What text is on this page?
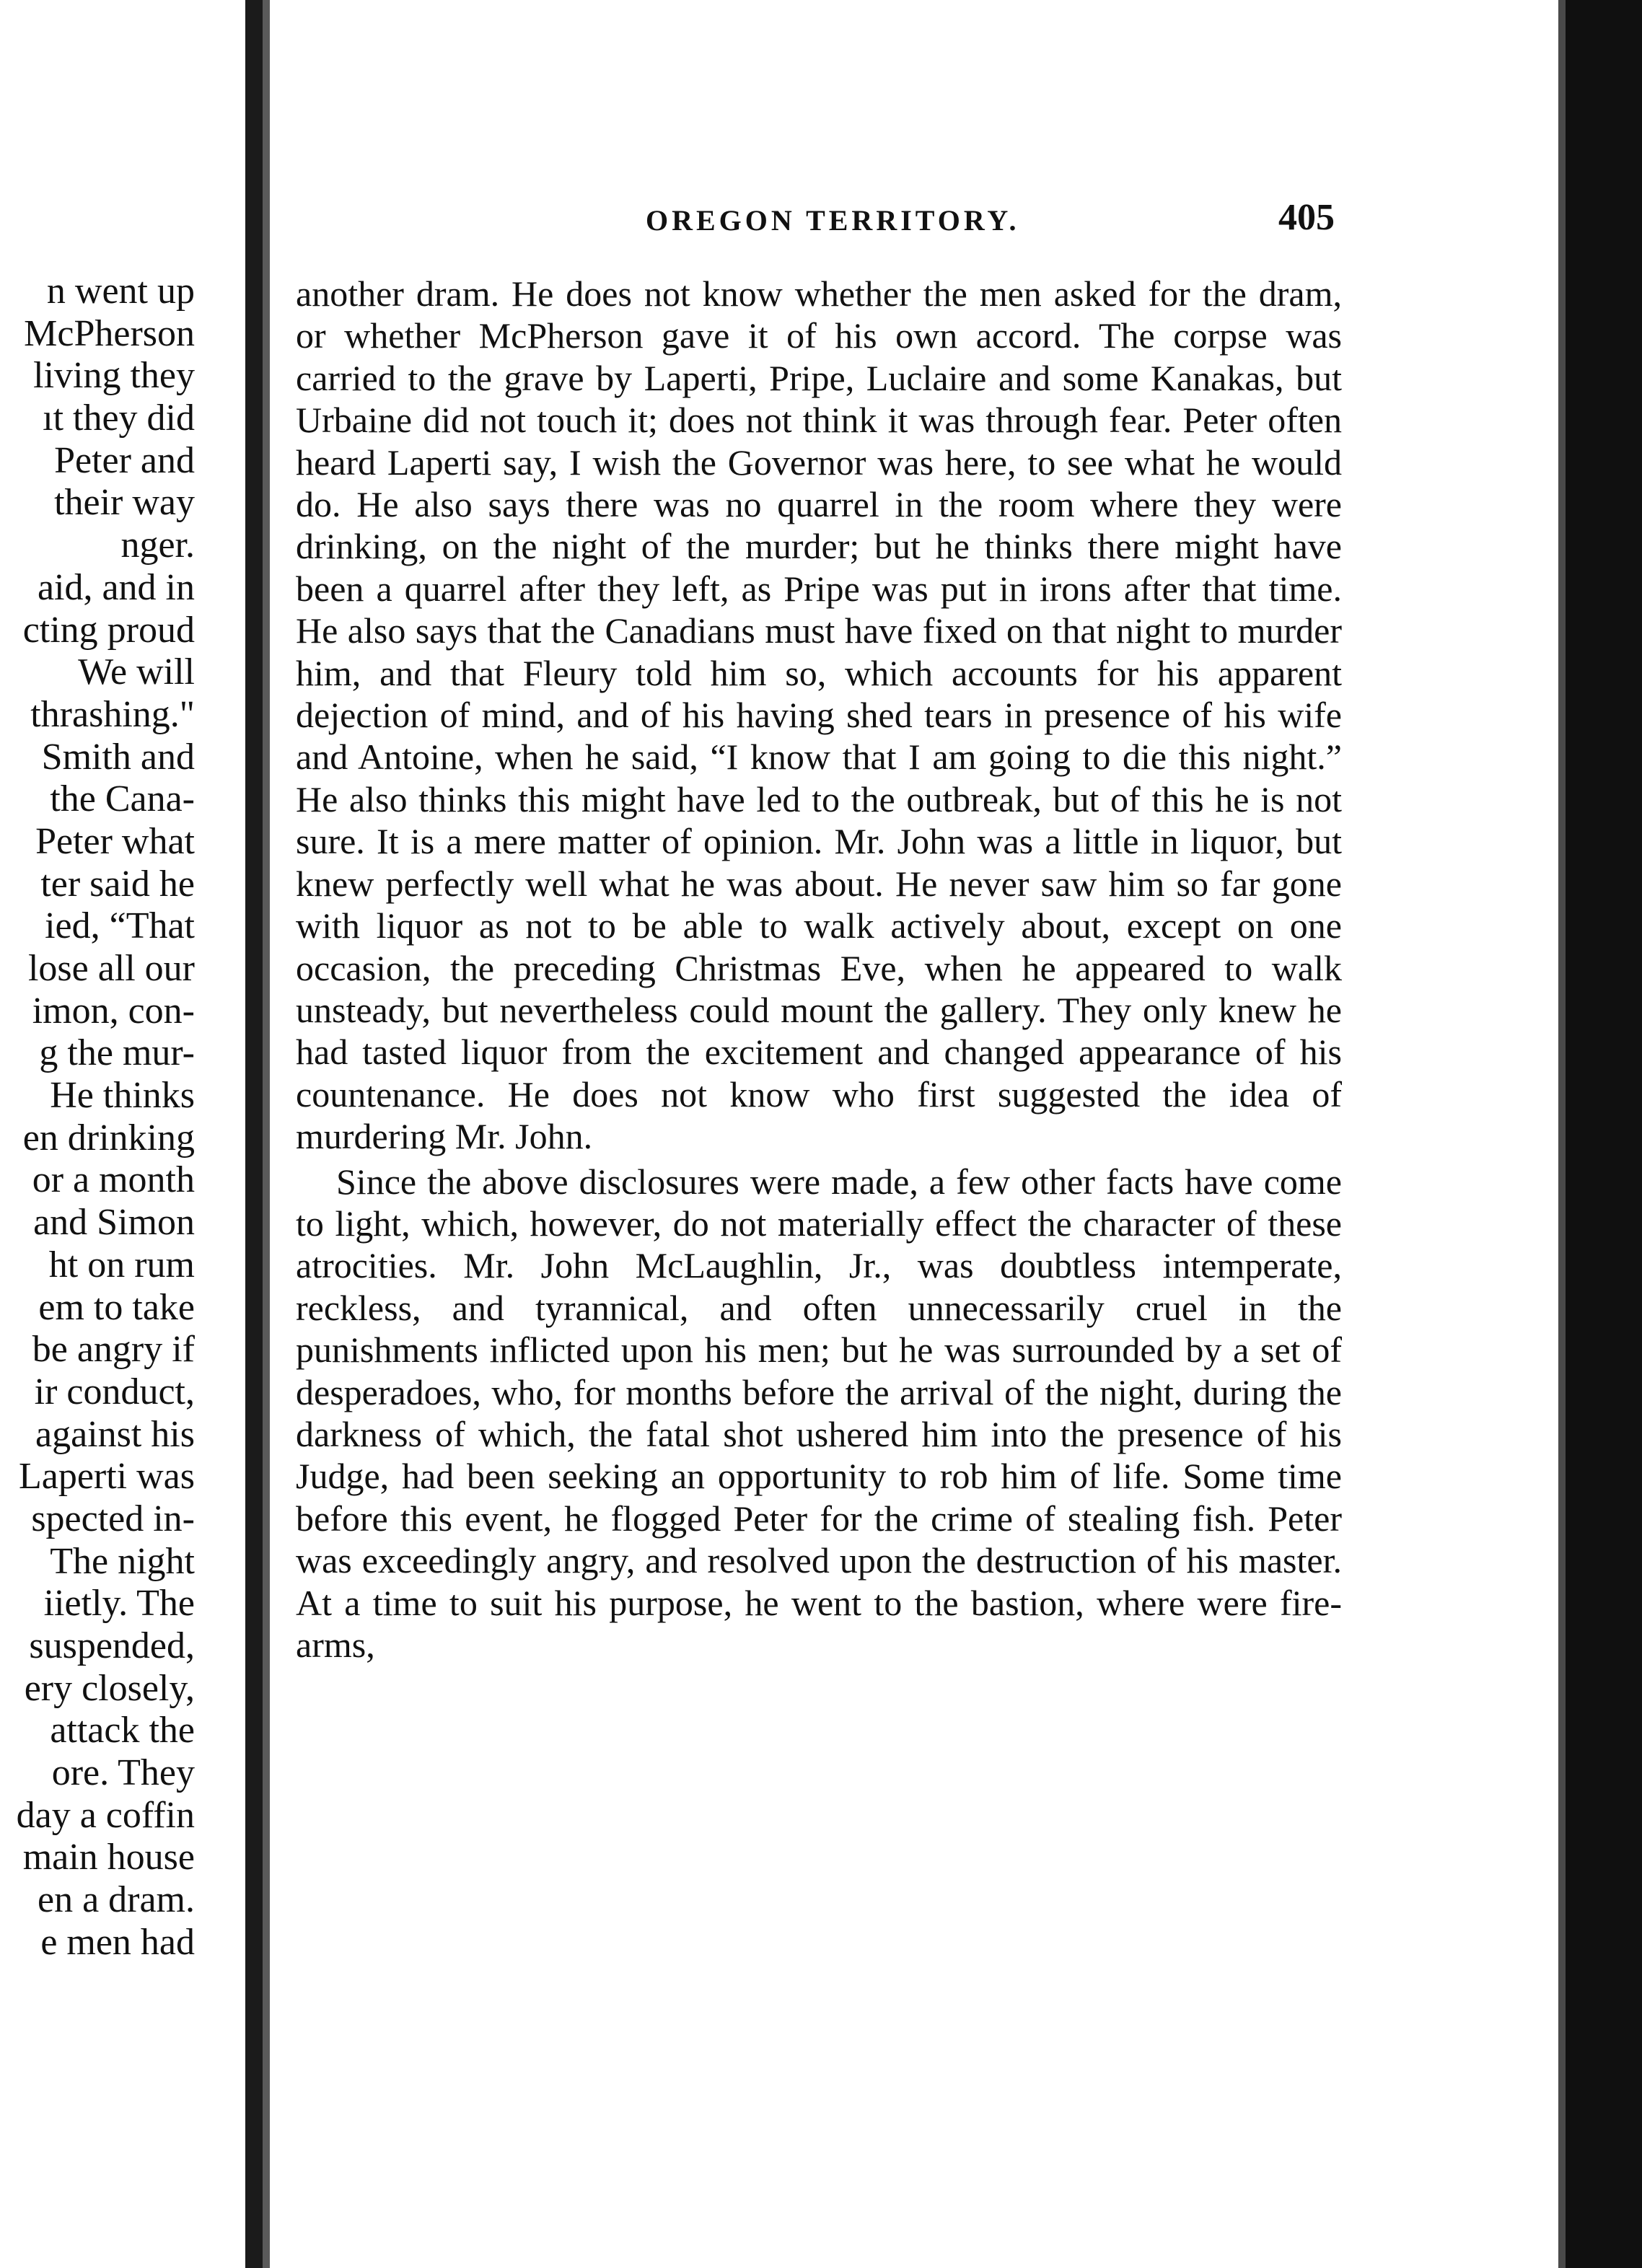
n went up
McPherson
living they
ıt they did
Peter and
their way
nger.
aid, and in
cting proud
We will
thrashing."
Smith and
the Cana-
Peter what
ter said he
ied, “That
lose all our
imon, con-
g the mur-
He thinks
en drinking
or a month
and Simon
ht on rum
em to take
be angry if
ir conduct,
against his
Laperti was
spected in-
The night
iietly. The
suspended,
ery closely,
attack the
ore. They
day a coffin
main house
en a dram.
e men had
OREGON TERRITORY.	405

another dram. He does not know whether the men asked for the dram, or whether McPherson gave it of his own accord. The corpse was carried to the grave by Laperti, Pripe, Luclaire and some Kanakas, but Urbaine did not touch it; does not think it was through fear. Peter often heard Laperti say, I wish the Governor was here, to see what he would do. He also says there was no quarrel in the room where they were drinking, on the night of the murder; but he thinks there might have been a quarrel after they left, as Pripe was put in irons after that time. He also says that the Canadians must have fixed on that night to murder him, and that Fleury told him so, which accounts for his apparent dejection of mind, and of his having shed tears in presence of his wife and Antoine, when he said, “I know that I am going to die this night.” He also thinks this might have led to the outbreak, but of this he is not sure. It is a mere matter of opinion. Mr. John was a little in liquor, but knew perfectly well what he was about. He never saw him so far gone with liquor as not to be able to walk actively about, except on one occasion, the preceding Christmas Eve, when he appeared to walk unsteady, but nevertheless could mount the gallery. They only knew he had tasted liquor from the excitement and changed appearance of his countenance. He does not know who first suggested the idea of murdering Mr. John.

Since the above disclosures were made, a few other facts have come to light, which, however, do not materially effect the character of these atrocities. Mr. John McLaughlin, Jr., was doubtless intemperate, reckless, and tyrannical, and often unnecessarily cruel in the punishments inflicted upon his men; but he was surrounded by a set of desperadoes, who, for months before the arrival of the night, during the darkness of which, the fatal shot ushered him into the presence of his Judge, had been seeking an opportunity to rob him of life. Some time before this event, he flogged Peter for the crime of stealing fish. Peter was exceedingly angry, and resolved upon the destruction of his master. At a time to suit his purpose, he went to the bastion, where were fire-arms,
